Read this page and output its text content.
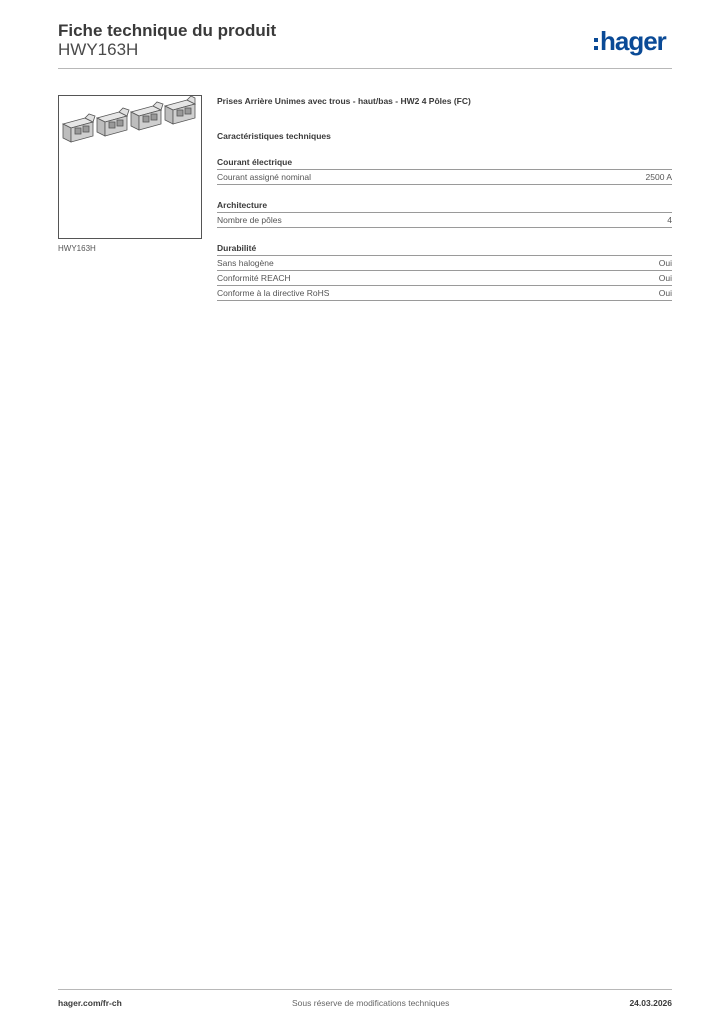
Fiche technique du produit
HWY163H	hager
HWY163H

Prises Arrière Unimes avec trous - haut/bas - HW2 4 Pôles (FC)

Caractéristiques techniques

Courant électrique
Courant assigné nominal	2500 A
Architecture
Nombre de pôles	4
Durabilité
Sans halogène	Oui
Conformité REACH	Oui
Conforme à la directive RoHS	Oui
hager.com/fr-ch	Sous réserve de modifications techniques	24.03.2026
